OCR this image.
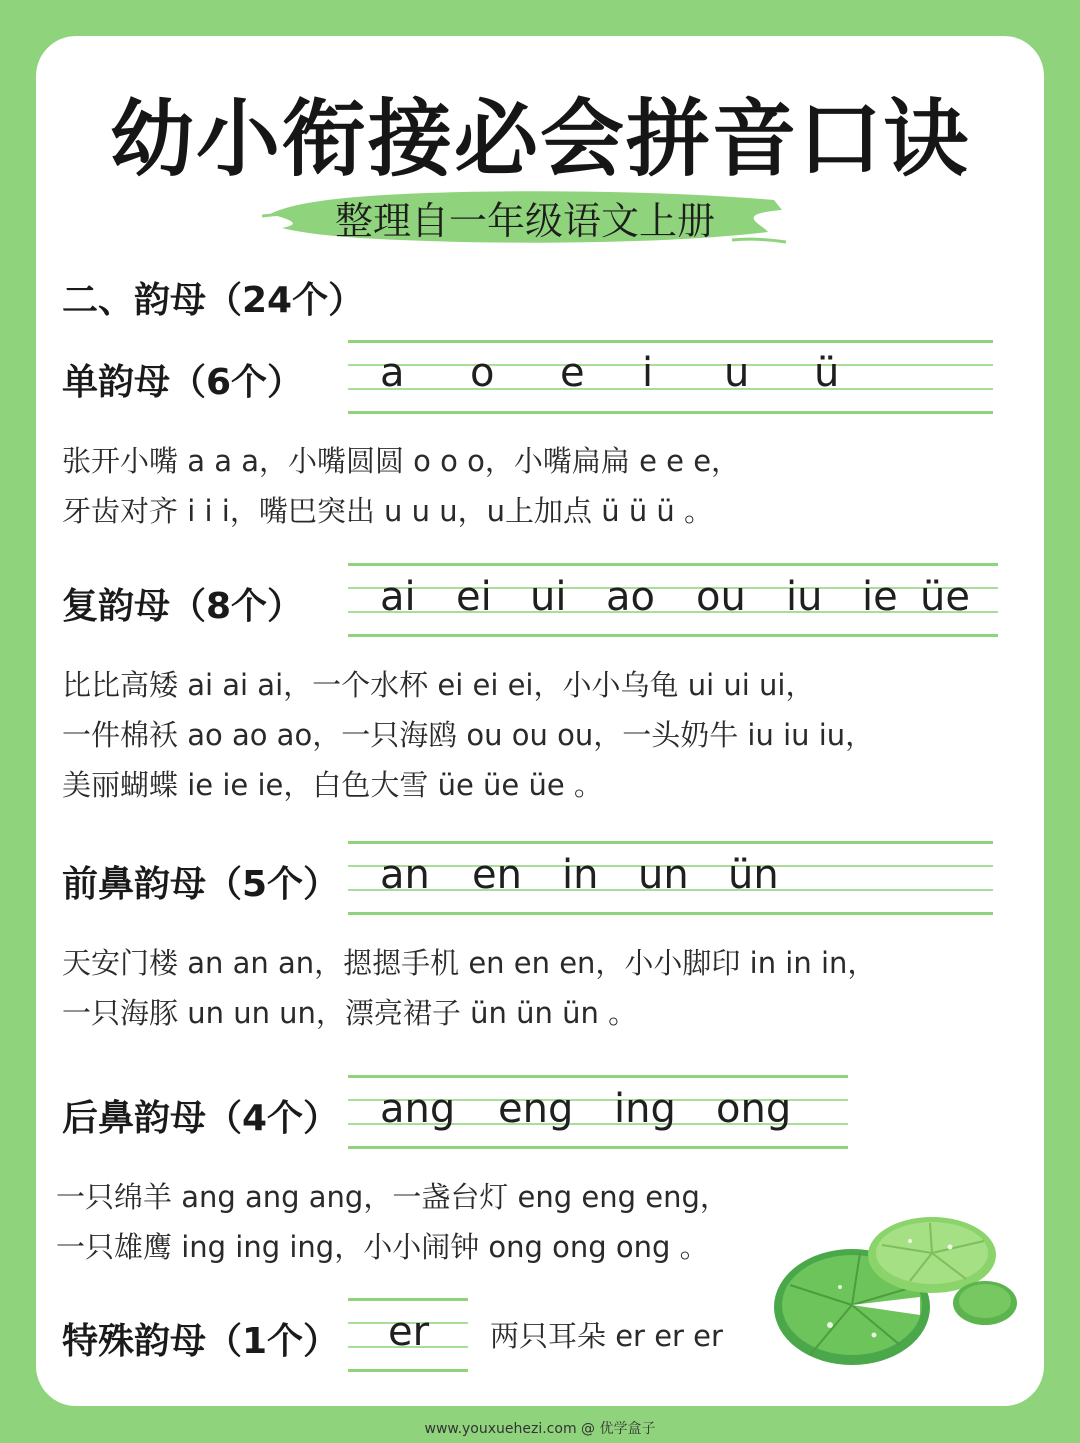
幼小衔接必会拼音口诀
整理自一年级语文上册
二、韵母（24个）
单韵母（6个） a	o	e	i	u	ü
张开小嘴 a a a，小嘴圆圆 o o o，小嘴扁扁 e e e，
牙齿对齐 i i i，嘴巴突出 u u u，u上加点 ü ü ü 。
复韵母（8个） ai	ei ui ao	ou	iu ie üe
比比高矮 ai ai ai，一个水杯 ei ei ei，小小乌龟 ui ui ui，
一件棉袄 ao ao ao，一只海鸥 ou ou ou，一头奶牛 iu iu iu，
美丽蝴蝶 ie ie ie，白色大雪 üe üe üe 。
前鼻韵母（5个） an	en	in un ün
天安门楼 an an an，摁摁手机 en en en，小小脚印 in in in，
一只海豚 un un un，漂亮裙子 ün ün ün 。
后鼻韵母（4个） ang	eng	ing	ong
一只绵羊 ang ang ang，一盏台灯 eng eng eng，
一只雄鹰 ing ing ing，小小闹钟 ong ong ong 。
特殊韵母（1个） er 两只耳朵 er er er
www.youxuehezi.com @ 优学盒子
